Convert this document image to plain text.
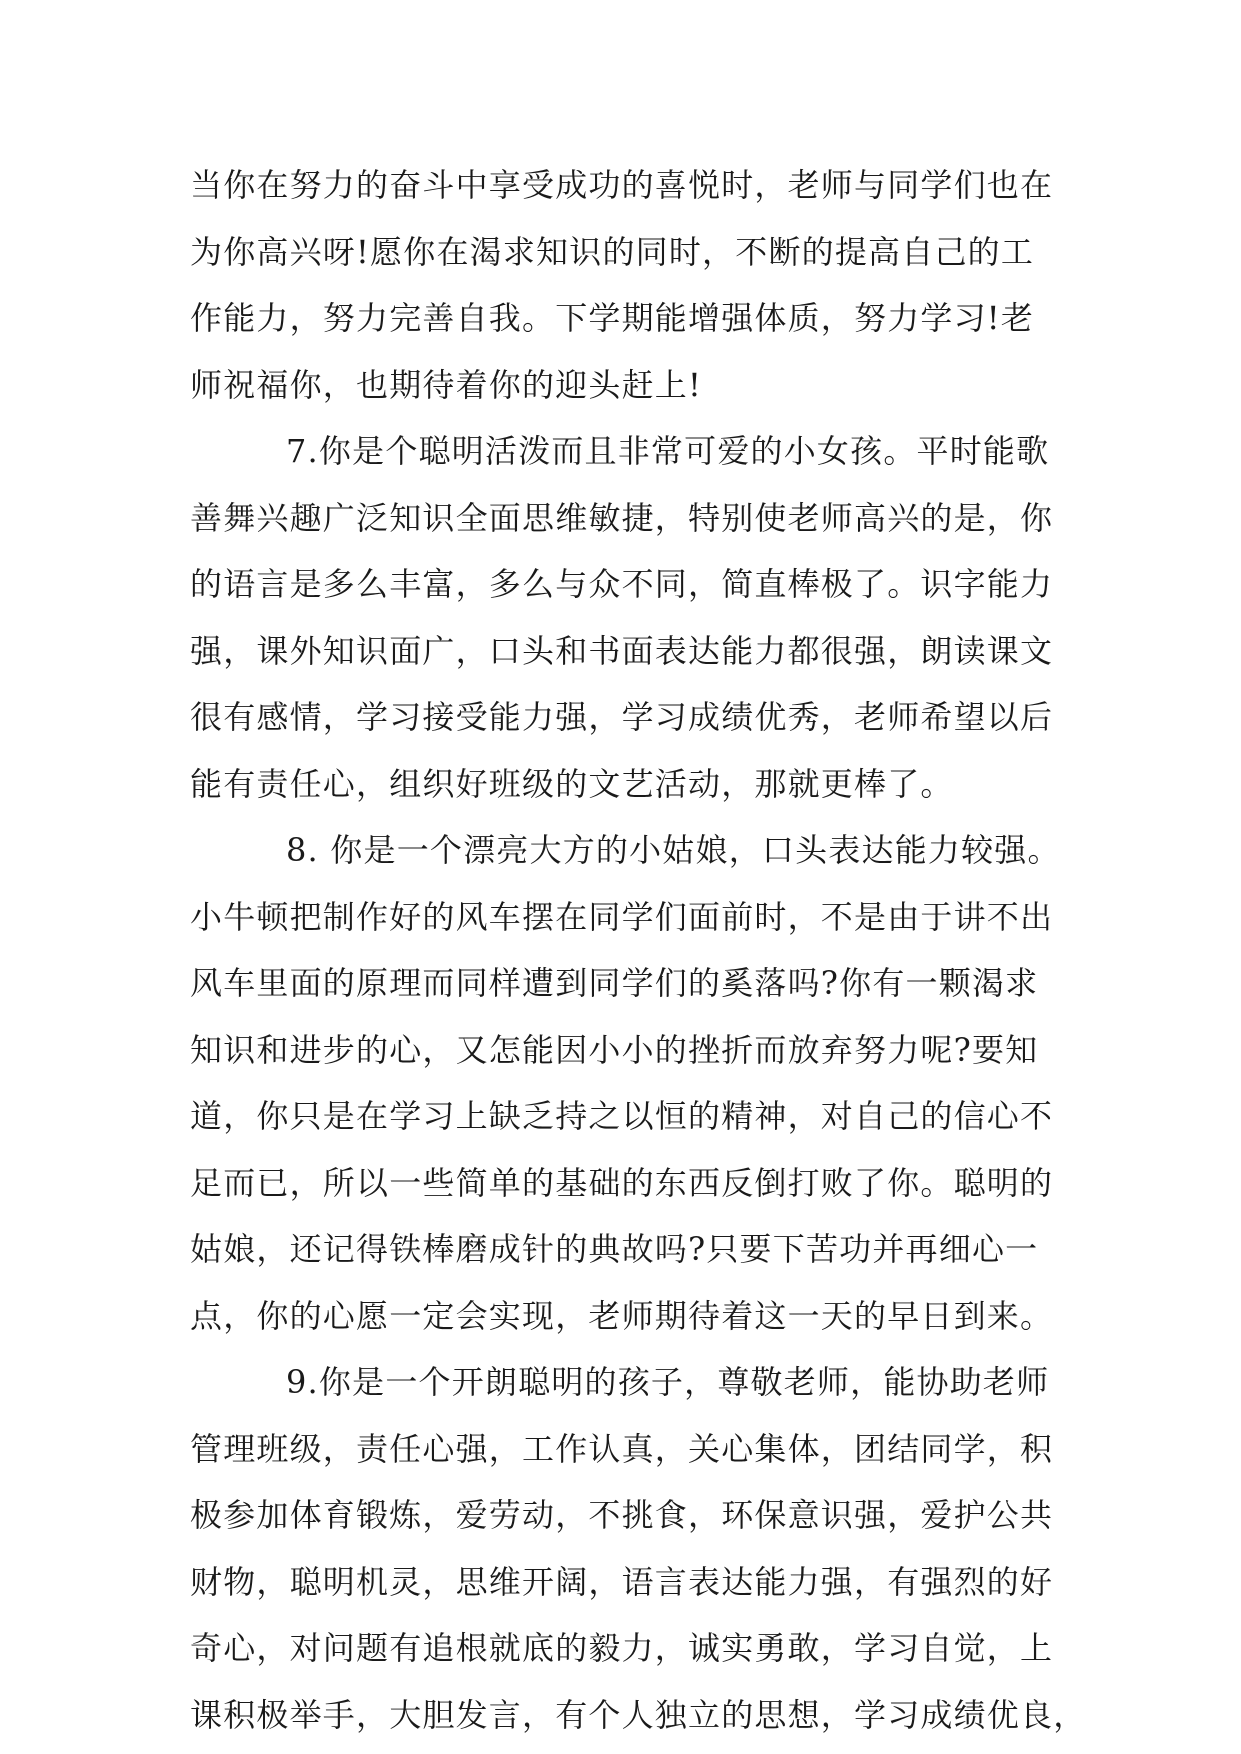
当你在努力的奋斗中享受成功的喜悦时，老师与同学们也在
为你高兴呀!愿你在渴求知识的同时，不断的提高自己的工
作能力，努力完善自我。下学期能增强体质，努力学习!老
师祝福你，也期待着你的迎头赶上!
7.你是个聪明活泼而且非常可爱的小女孩。平时能歌
善舞兴趣广泛知识全面思维敏捷，特别使老师高兴的是，你
的语言是多么丰富，多么与众不同，简直棒极了。识字能力
强，课外知识面广，口头和书面表达能力都很强，朗读课文
很有感情，学习接受能力强，学习成绩优秀，老师希望以后
能有责任心，组织好班级的文艺活动，那就更棒了。
8. 你是一个漂亮大方的小姑娘，口头表达能力较强。
小牛顿把制作好的风车摆在同学们面前时，不是由于讲不出
风车里面的原理而同样遭到同学们的奚落吗?你有一颗渴求
知识和进步的心，又怎能因小小的挫折而放弃努力呢?要知
道，你只是在学习上缺乏持之以恒的精神，对自己的信心不
足而已，所以一些简单的基础的东西反倒打败了你。聪明的
姑娘，还记得铁棒磨成针的典故吗?只要下苦功并再细心一
点，你的心愿一定会实现，老师期待着这一天的早日到来。
9.你是一个开朗聪明的孩子，尊敬老师，能协助老师
管理班级，责任心强，工作认真，关心集体，团结同学，积
极参加体育锻炼，爱劳动，不挑食，环保意识强，爱护公共
财物，聪明机灵，思维开阔，语言表达能力强，有强烈的好
奇心，对问题有追根就底的毅力，诚实勇敢，学习自觉，上
课积极举手，大胆发言，有个人独立的思想，学习成绩优良，
